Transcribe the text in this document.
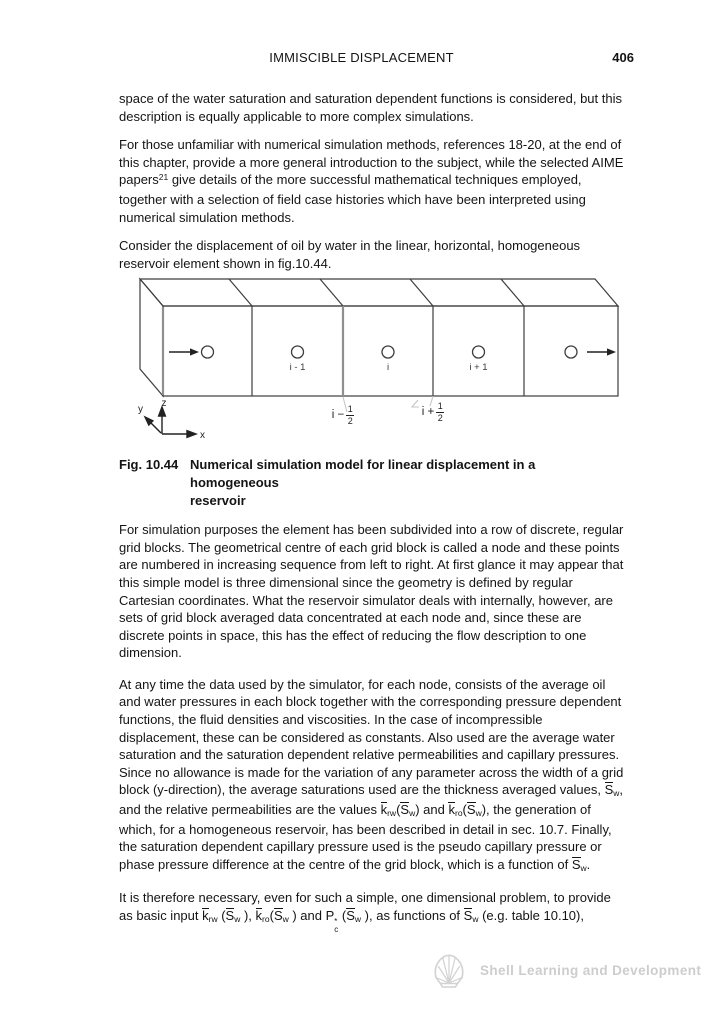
IMMISCIBLE DISPLACEMENT	406

space of the water saturation and saturation dependent functions is considered, but this description is equally applicable to more complex simulations.

For those unfamiliar with numerical simulation methods, references 18-20, at the end of this chapter, provide a more general introduction to the subject, while the selected AIME papers$^{21}$ give details of the more successful mathematical techniques employed, together with a selection of field case histories which have been interpreted using numerical simulation methods.

Consider the displacement of oil by water in the linear, horizontal, homogeneous reservoir element shown in fig.10.44.

i - 1	i	i + 1
y
z
x
$i - \frac{1}{2}$	$i + \frac{1}{2}$
Fig. 10.44 Numerical simulation model for linear displacement in a homogeneous
reservoir

For simulation purposes the element has been subdivided into a row of discrete, regular grid blocks. The geometrical centre of each grid block is called a node and these points are numbered in increasing sequence from left to right. At first glance it may appear that this simple model is three dimensional since the geometry is defined by regular Cartesian coordinates. What the reservoir simulator deals with internally, however, are sets of grid block averaged data concentrated at each node and, since these are discrete points in space, this has the effect of reducing the flow description to one dimension.

At any time the data used by the simulator, for each node, consists of the average oil and water pressures in each block together with the corresponding pressure dependent functions, the fluid densities and viscosities. In the case of incompressible displacement, these can be considered as constants. Also used are the average water saturation and the saturation dependent relative permeabilities and capillary pressures. Since no allowance is made for the variation of any parameter across the width of a grid block (y-direction), the average saturations used are the thickness averaged values, $S_w$, and the relative permeabilities are the values $k_{rw}(S_w)$ and $k_{ro}(S_w)$, the generation of which, for a homogeneous reservoir, has been described in detail in sec. 10.7. Finally, the saturation dependent capillary pressure used is the pseudo capillary pressure or phase pressure difference at the centre of the grid block, which is a function of $S_w$.

It is therefore necessary, even for such a simple, one dimensional problem, to provide as basic input $k_{rw}$ ($S_w$ ), $k_{ro}(S_w$ ) and P *
c
($S_w$ ), as functions of $S_w$ (e.g. table 10.10),

Shell Learning and Development
